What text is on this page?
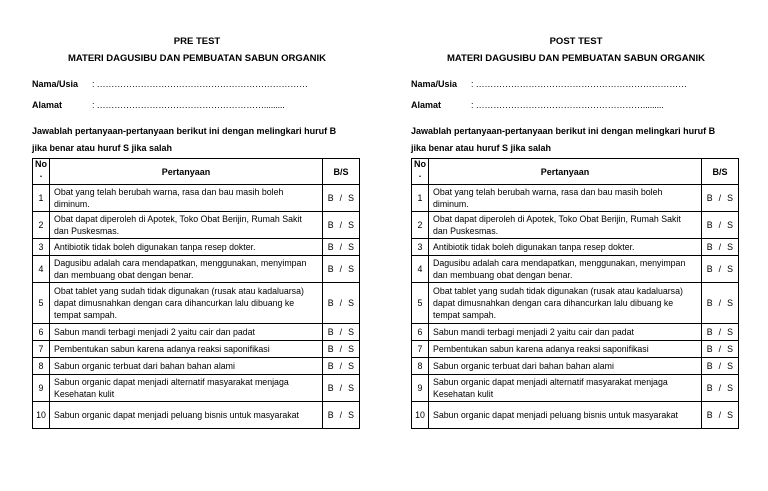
PRE TEST
MATERI DAGUSIBU DAN PEMBUATAN SABUN ORGANIK
Nama/Usia	: ………………………………………………………………
Alamat	: ………………………………………………….........
Jawablah pertanyaan-pertanyaan berikut ini dengan melingkari huruf B
jika benar atau huruf S jika salah
No
.	Pertanyaan	B/S
1	Obat yang telah berubah warna, rasa dan bau masih boleh diminum.	B / S
2	Obat dapat diperoleh di Apotek, Toko Obat Berijin, Rumah Sakit dan Puskesmas.	B / S
3	Antibiotik tidak boleh digunakan tanpa resep dokter.	B / S
4	Dagusibu adalah cara mendapatkan, menggunakan, menyimpan dan membuang obat dengan benar.	B / S
5	Obat tablet yang sudah tidak digunakan (rusak atau kadaluarsa) dapat dimusnahkan dengan cara dihancurkan lalu dibuang ke tempat sampah.	B / S
6	Sabun mandi terbagi menjadi 2 yaitu cair dan padat	B / S
7	Pembentukan sabun karena adanya reaksi saponifikasi	B / S
8	Sabun organic terbuat dari bahan bahan alami	B / S
9	Sabun organic dapat menjadi alternatif masyarakat menjaga Kesehatan kulit	B / S
10	Sabun organic dapat menjadi peluang bisnis untuk masyarakat	B / S
POST TEST
MATERI DAGUSIBU DAN PEMBUATAN SABUN ORGANIK
Nama/Usia	: ………………………………………………………………
Alamat	: ………………………………………………….........
Jawablah pertanyaan-pertanyaan berikut ini dengan melingkari huruf B
jika benar atau huruf S jika salah
No
.	Pertanyaan	B/S
1	Obat yang telah berubah warna, rasa dan bau masih boleh diminum.	B / S
2	Obat dapat diperoleh di Apotek, Toko Obat Berijin, Rumah Sakit dan Puskesmas.	B / S
3	Antibiotik tidak boleh digunakan tanpa resep dokter.	B / S
4	Dagusibu adalah cara mendapatkan, menggunakan, menyimpan dan membuang obat dengan benar.	B / S
5	Obat tablet yang sudah tidak digunakan (rusak atau kadaluarsa) dapat dimusnahkan dengan cara dihancurkan lalu dibuang ke tempat sampah.	B / S
6	Sabun mandi terbagi menjadi 2 yaitu cair dan padat	B / S
7	Pembentukan sabun karena adanya reaksi saponifikasi	B / S
8	Sabun organic terbuat dari bahan bahan alami	B / S
9	Sabun organic dapat menjadi alternatif masyarakat menjaga Kesehatan kulit	B / S
10	Sabun organic dapat menjadi peluang bisnis untuk masyarakat	B / S
